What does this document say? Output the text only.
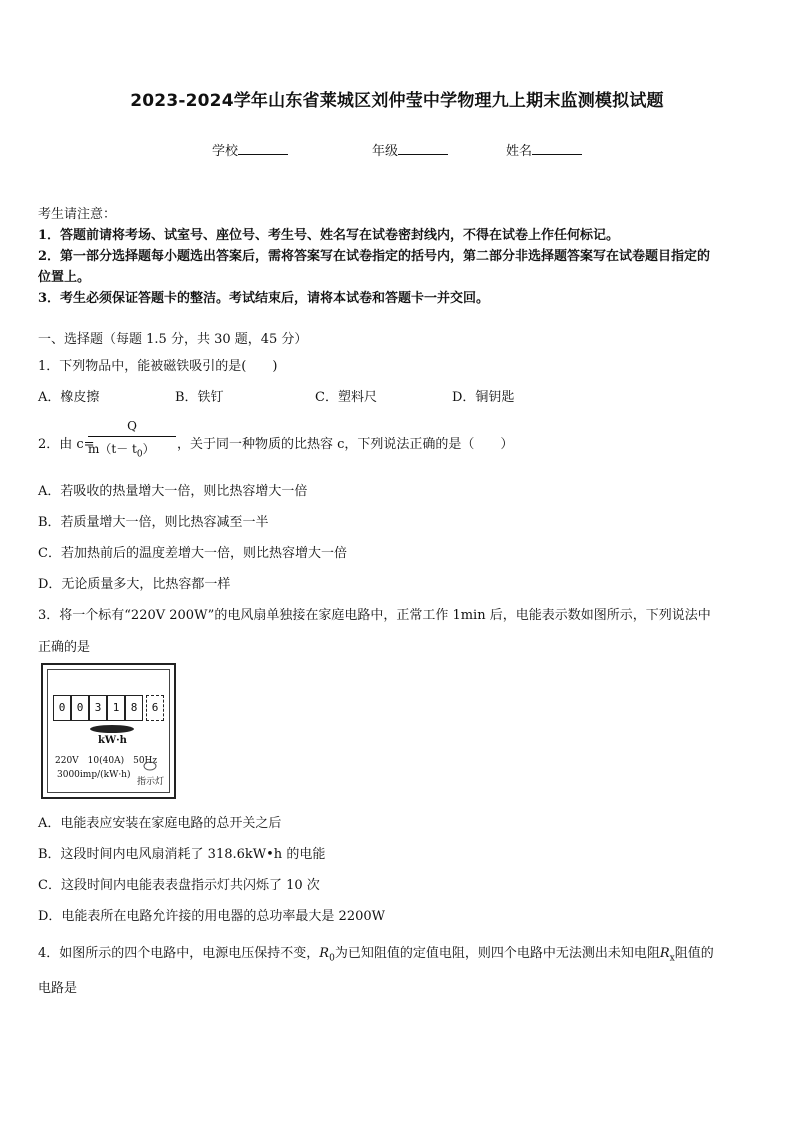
2023-2024学年山东省莱城区刘仲莹中学物理九上期末监测模拟试题
学校	年级	姓名
考生请注意：
1．答题前请将考场、试室号、座位号、考生号、姓名写在试卷密封线内，不得在试卷上作任何标记。
2．第一部分选择题每小题选出答案后，需将答案写在试卷指定的括号内，第二部分非选择题答案写在试卷题目指定的
位置上。
3．考生必须保证答题卡的整洁。考试结束后，请将本试卷和答题卡一并交回。
一、选择题（每题 1.5 分，共 30 题，45 分）
1．下列物品中，能被磁铁吸引的是(　　)
A．橡皮擦	B．铁钉	C．塑料尺	D．铜钥匙
2．由 c=
Q
$m(t- t_0)$ ，关于同一种物质的比热容 c，下列说法正确的是（　　）
A．若吸收的热量增大一倍，则比热容增大一倍
B．若质量增大一倍，则比热容减至一半
C．若加热前后的温度差增大一倍，则比热容增大一倍
D．无论质量多大，比热容都一样
3．将一个标有“220V 200W”的电风扇单独接在家庭电路中，正常工作 1min 后，电能表示数如图所示，下列说法中
正确的是
0	0	3	1	8	6
kW·h
220V　10(40A)　50Hz
3000imp/(kW·h)
指示灯
A．电能表应安装在家庭电路的总开关之后
B．这段时间内电风扇消耗了 318.6kW•h 的电能
C．这段时间内电能表表盘指示灯共闪烁了 10 次
D．电能表所在电路允许接的用电器的总功率最大是 2200W
4．如图所示的四个电路中，电源电压保持不变，$R_0$为已知阻值的定值电阻，则四个电路中无法测出未知电阻$R_x$阻值的
电路是
